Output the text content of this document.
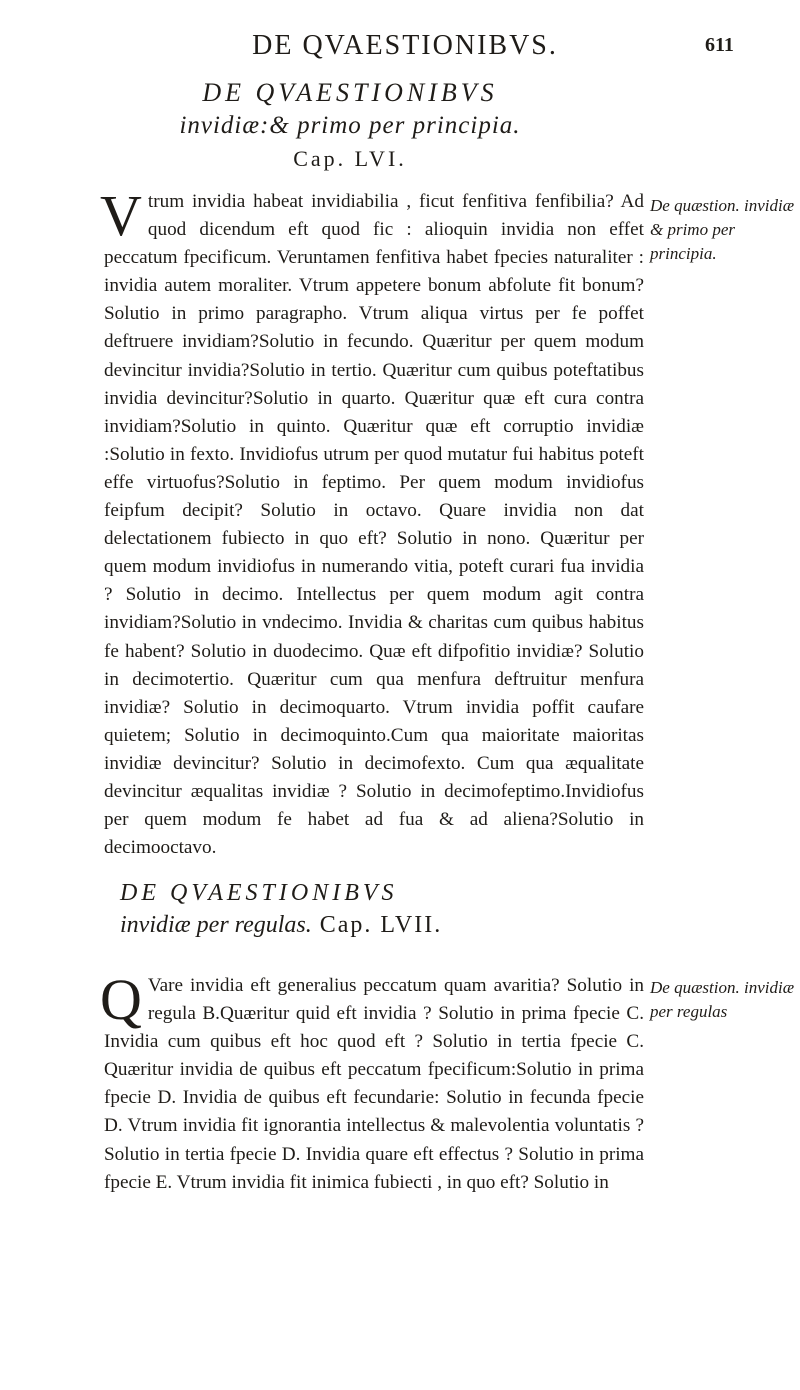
DE QVAESTIONIBVS.	611
DE QVAESTIONIBVS
invidiæ:& primo per principia.
Cap. LVI.
De quæstion. invidiæ & primo per principia.

Vtrum invidia habeat invidiabilia , ficut fenfitiva fenfibilia? Ad quod dicendum eft quod fic : alioquin invidia non effet peccatum fpecificum. Veruntamen fenfitiva habet fpecies naturaliter : invidia autem moraliter. Vtrum appetere bonum abfolute fit bonum? Solutio in primo paragrapho. Vtrum aliqua virtus per fe poffet deftruere invidiam?Solutio in fecundo. Quæritur per quem modum devincitur invidia?Solutio in tertio. Quæritur cum quibus poteftatibus invidia devincitur?Solutio in quarto. Quæritur quæ eft cura contra invidiam?Solutio in quinto. Quæritur quæ eft corruptio invidiæ :Solutio in fexto. Invidiofus utrum per quod mutatur fui habitus poteft effe virtuofus?Solutio in feptimo. Per quem modum invidiofus feipfum decipit? Solutio in octavo. Quare invidia non dat delectationem fubiecto in quo eft? Solutio in nono. Quæritur per quem modum invidiofus in numerando vitia, poteft curari fua invidia ? Solutio in decimo. Intellectus per quem modum agit contra invidiam?Solutio in vndecimo. Invidia & charitas cum quibus habitus fe habent? Solutio in duodecimo. Quæ eft difpofitio invidiæ? Solutio in decimotertio. Quæritur cum qua menfura deftruitur menfura invidiæ? Solutio in decimoquarto. Vtrum invidia poffit caufare quietem; Solutio in decimoquinto.Cum qua maioritate maioritas invidiæ devincitur? Solutio in decimofexto. Cum qua æqualitate devincitur æqualitas invidiæ ? Solutio in decimofeptimo.Invidiofus per quem modum fe habet ad fua & ad aliena?Solutio in decimooctavo.

DE QVAESTIONIBVS
invidiæ per regulas. Cap. LVII.
De quæstion. invidiæ per regulas

Q Vare invidia eft generalius peccatum quam avaritia? Solutio in regula B.Quæritur quid eft invidia ? Solutio in prima fpecie C. Invidia cum quibus eft hoc quod eft ? Solutio in tertia fpecie C. Quæritur invidia de quibus eft peccatum fpecificum:Solutio in prima fpecie D. Invidia de quibus eft fecundarie: Solutio in fecunda fpecie D. Vtrum invidia fit ignorantia intellectus & malevolentia voluntatis ? Solutio in tertia fpecie D. Invidia quare eft effectus ? Solutio in prima fpecie E. Vtrum invidia fit inimica fubiecti , in quo eft? Solutio in
